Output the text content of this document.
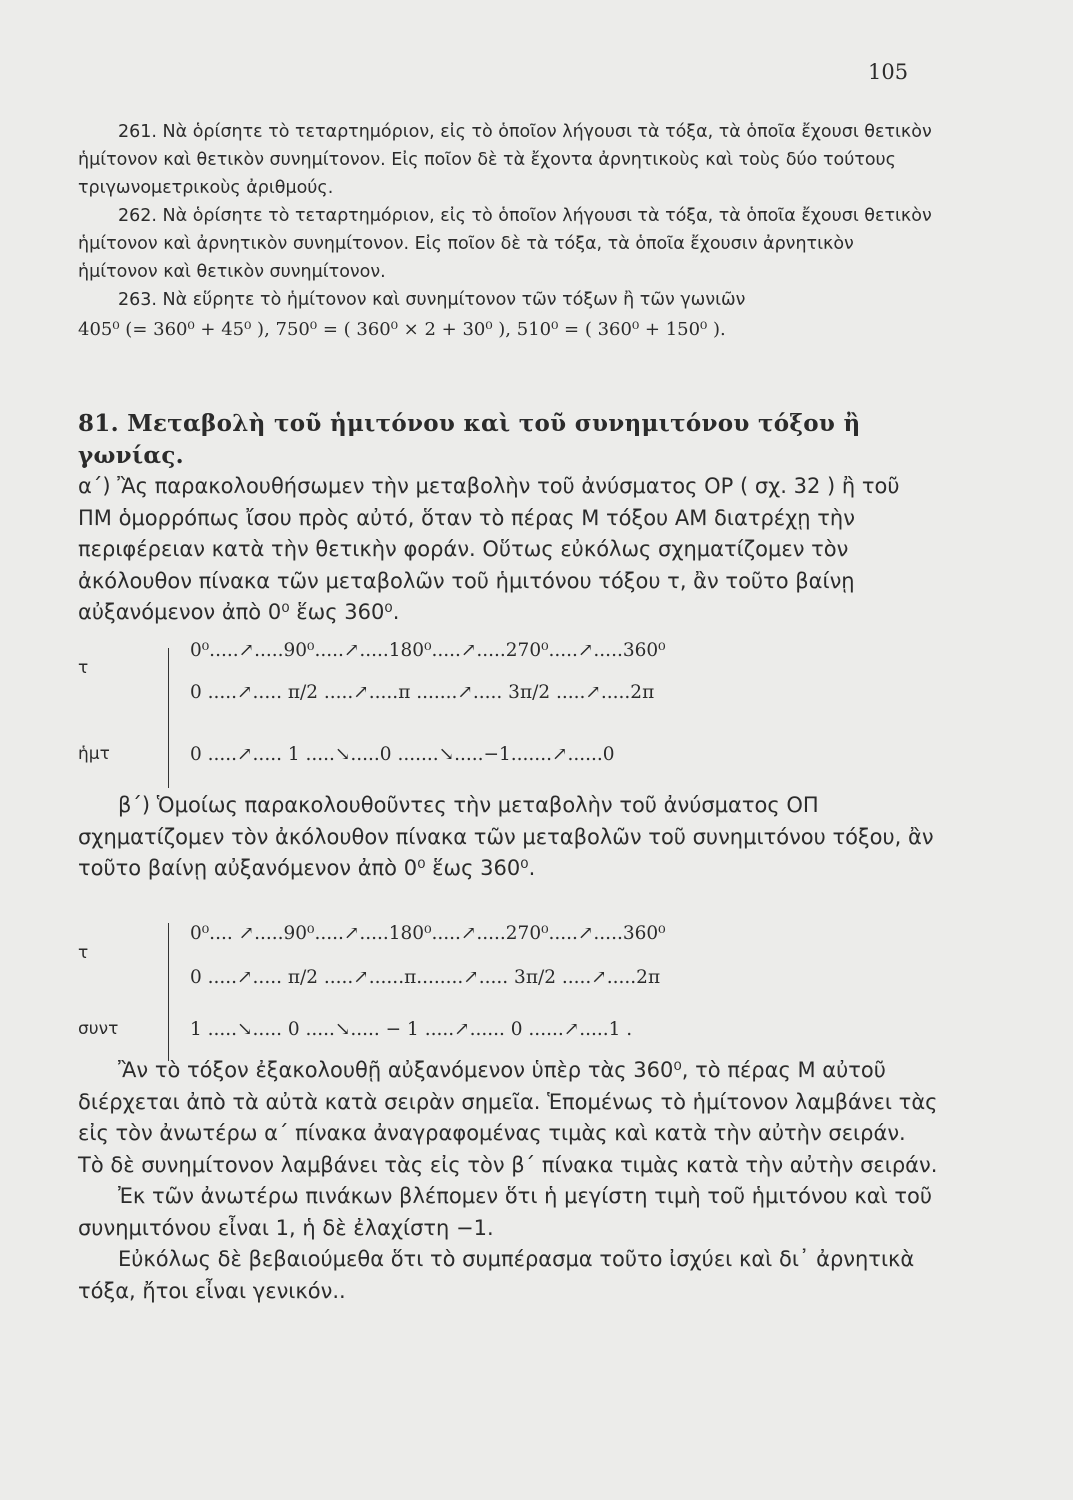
105

261. Νὰ ὁρίσητε τὸ τεταρτημόριον, εἰς τὸ ὁποῖον λήγουσι τὰ τόξα, τὰ ὁποῖα ἔχουσι θετικὸν ἡμίτονον καὶ θετικὸν συνημίτονον. Εἰς ποῖον δὲ τὰ ἔχοντα ἀρνητικοὺς καὶ τοὺς δύο τούτους τριγωνομετρικοὺς ἀριθμούς.

262. Νὰ ὁρίσητε τὸ τεταρτημόριον, εἰς τὸ ὁποῖον λήγουσι τὰ τόξα, τὰ ὁποῖα ἔχουσι θετικὸν ἡμίτονον καὶ ἀρνητικὸν συνημίτονον. Εἰς ποῖον δὲ τὰ τόξα, τὰ ὁποῖα ἔχουσιν ἀρνητικὸν ἡμίτονον καὶ θετικὸν συνημίτονον.

263. Νὰ εὕρητε τὸ ἡμίτονον καὶ συνημίτονον τῶν τόξων ἢ τῶν γωνιῶν

405⁰ (= 360⁰ + 45⁰ ), 750⁰ = ( 360⁰ × 2 + 30⁰ ), 510⁰ = ( 360⁰ + 150⁰ ).

81. Μεταβολὴ τοῦ ἡμιτόνου καὶ τοῦ συνημιτόνου τόξου ἢ γωνίας.

α΄) Ἂς παρακολουθήσωμεν τὴν μεταβολὴν τοῦ ἀνύσματος ΟΡ ( σχ. 32 ) ἢ τοῦ ΠΜ ὁμορρόπως ἴσου πρὸς αὐτό, ὅταν τὸ πέρας Μ τόξου ΑΜ διατρέχῃ τὴν περιφέρειαν κατὰ τὴν θετικὴν φοράν. Οὕτως εὐκόλως σχηματίζομεν τὸν ἀκόλουθον πίνακα τῶν μεταβολῶν τοῦ ἡμιτόνου τόξου τ, ἂν τοῦτο βαίνῃ αὐξανόμενον ἀπὸ 0⁰ ἕως 360⁰.

τ
0⁰.....↗.....90⁰.....↗.....180⁰.....↗.....270⁰.....↗.....360⁰
0 .....↗..... π/2 .....↗.....π .......↗..... 3π/2 .....↗.....2π
ἡμτ	0 .....↗..... 1 .....↘.....0 .......↘.....−1.......↗......0

β΄) Ὁμοίως παρακολουθοῦντες τὴν μεταβολὴν τοῦ ἀνύσματος ΟΠ σχηματίζομεν τὸν ἀκόλουθον πίνακα τῶν μεταβολῶν τοῦ συνημιτόνου τόξου, ἂν τοῦτο βαίνῃ αὐξανόμενον ἀπὸ 0⁰ ἕως 360⁰.

τ
0⁰.... ↗.....90⁰.....↗.....180⁰.....↗.....270⁰.....↗.....360⁰
0 .....↗..... π/2 .....↗......π........↗..... 3π/2 .....↗.....2π
συντ	1 .....↘..... 0 .....↘..... − 1 .....↗...... 0 ......↗.....1 .

Ἂν τὸ τόξον ἐξακολουθῇ αὐξανόμενον ὑπὲρ τὰς 360⁰, τὸ πέρας Μ αὐτοῦ διέρχεται ἀπὸ τὰ αὐτὰ κατὰ σειρὰν σημεῖα. Ἑπομένως τὸ ἡμίτονον λαμβάνει τὰς εἰς τὸν ἀνωτέρω α΄ πίνακα ἀναγραφομένας τιμὰς καὶ κατὰ τὴν αὐτὴν σειράν. Τὸ δὲ συνημίτονον λαμβάνει τὰς εἰς τὸν β΄ πίνακα τιμὰς κατὰ τὴν αὐτὴν σειράν.

Ἐκ τῶν ἀνωτέρω πινάκων βλέπομεν ὅτι ἡ μεγίστη τιμὴ τοῦ ἡμιτόνου καὶ τοῦ συνημιτόνου εἶναι 1, ἡ δὲ ἐλαχίστη −1.

Εὐκόλως δὲ βεβαιούμεθα ὅτι τὸ συμπέρασμα τοῦτο ἰσχύει καὶ δι᾽ ἀρνητικὰ τόξα, ἤτοι εἶναι γενικόν..
